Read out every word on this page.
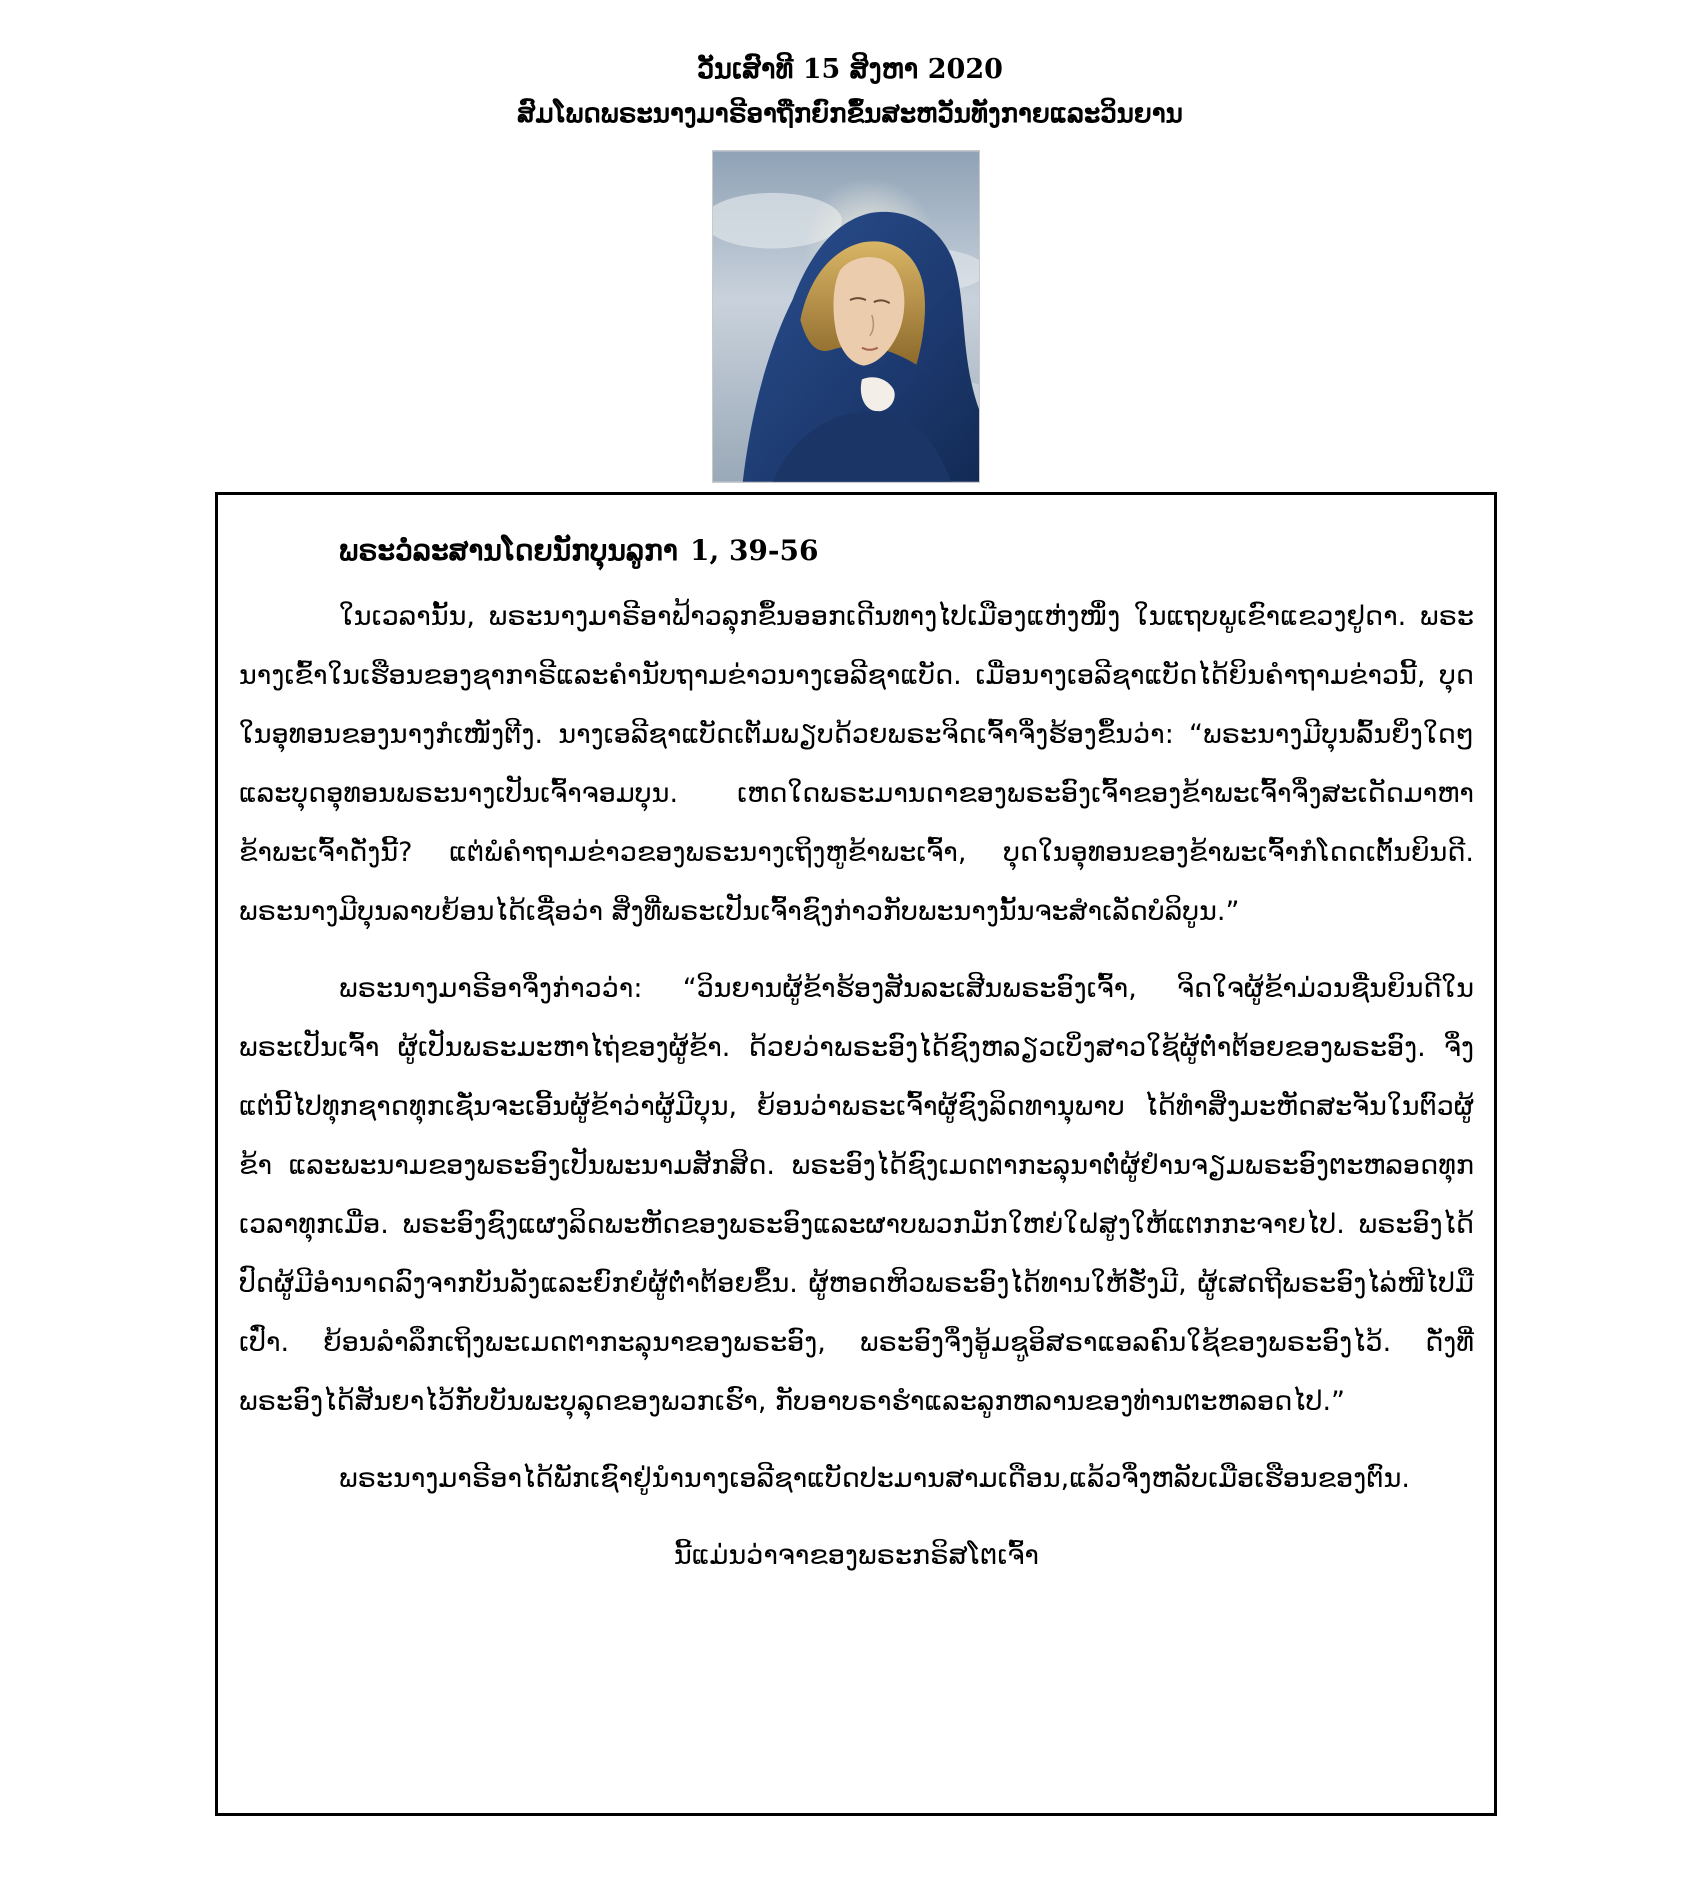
ວັນເສົາທີ 15 ສິງຫາ 2020
ສົມໂພດພຣະນາງມາຣີອາຖືກຍົກຂຶ້ນສະຫວັນທັງກາຍແລະວິນຍານ
ພຣະວໍລະສານໂດຍນັກບຸນລູກາ 1, 39-56

ໃນເວລານັ້ນ, ພຣະນາງມາຣີອາຟ້າວລຸກຂຶ້ນອອກເດີນທາງໄປເມືອງແຫ່ງໜຶ່ງ ໃນແຖບພູເຂົາແຂວງຢູດາ. ພຣະນາງເຂົ້າໃນເຮືອນຂອງຊາກາຣີແລະຄຳນັບຖາມຂ່າວນາງເອລີຊາແບັດ. ເມື່ອນາງເອລີຊາແບັດໄດ້ຍິນຄຳຖາມຂ່າວນີ້, ບຸດໃນອຸທອນຂອງນາງກໍເໜັງຕີງ. ນາງເອລີຊາແບັດເຕັມພຽບດ້ວຍພຣະຈິດເຈົ້າຈຶ່ງຮ້ອງຂຶ້ນວ່າ: “ພຣະນາງມີບຸນລົ້ນຍິ່ງໃດໆແລະບຸດອຸທອນພຣະນາງເປັນເຈົ້າຈອມບຸນ. ເຫດໃດພຣະມານດາຂອງພຣະອົງເຈົ້າຂອງຂ້າພະເຈົ້າຈຶ່ງສະເດັດມາຫາຂ້າພະເຈົ້າດັ່ງນີ້? ແຕ່ພໍຄຳຖາມຂ່າວຂອງພຣະນາງເຖິງຫູຂ້າພະເຈົ້າ, ບຸດໃນອຸທອນຂອງຂ້າພະເຈົ້າກໍໂດດເຕັ້ນຍິນດີ. ພຣະນາງມີບຸນລາບຍ້ອນໄດ້ເຊື່ອວ່າ ສິ່ງທີ່ພຣະເປັນເຈົ້າຊົງກ່າວກັບພະນາງນັ້ນຈະສຳເລັດບໍລິບູນ.”

ພຣະນາງມາຣີອາຈຶ່ງກ່າວວ່າ: “ວິນຍານຜູ້ຂ້າຮ້ອງສັນລະເສີນພຣະອົງເຈົ້າ, ຈິດໃຈຜູ້ຂ້າມ່ວນຊື່ນຍິນດີໃນພຣະເປັນເຈົ້າ ຜູ້ເປັນພຣະມະຫາໄຖ່ຂອງຜູ້ຂ້າ. ດ້ວຍວ່າພຣະອົງໄດ້ຊົງຫລຽວເບິ່ງສາວໃຊ້ຜູ້ຕໍ່າຕ້ອຍຂອງພຣະອົງ. ຈຶ່ງແຕ່ນີ້ໄປທຸກຊາດທຸກເຊັ່ນຈະເອີ້ນຜູ້ຂ້າວ່າຜູ້ມີບຸນ, ຍ້ອນວ່າພຣະເຈົ້າຜູ້ຊົງລິດທານຸພາບ ໄດ້ທຳສິ່ງມະຫັດສະຈັນໃນຕົວຜູ້ຂ້າ ແລະພະນາມຂອງພຣະອົງເປັນພະນາມສັກສິດ. ພຣະອົງໄດ້ຊົງເມດຕາກະລຸນາຕໍ່ຜູ້ຢຳນຈຽມພຣະອົງຕະຫລອດທຸກເວລາທຸກເມື່ອ. ພຣະອົງຊົງແຜງລິດພະຫັດຂອງພຣະອົງແລະຜາບພວກມັກໃຫຍ່ໃຝສູງໃຫ້ແຕກກະຈາຍໄປ. ພຣະອົງໄດ້ປົດຜູ້ມີອຳນາດລົງຈາກບັນລັງແລະຍົກຍໍຜູ້ຕໍ່າຕ້ອຍຂຶ້ນ. ຜູ້ຫອດຫິວພຣະອົງໄດ້ທານໃຫ້ຮັ່ງມີ, ຜູ້ເສດຖີພຣະອົງໄລ່ໜີໄປມືເປົ່າ. ຍ້ອນລຳລຶກເຖິງພະເມດຕາກະລຸນາຂອງພຣະອົງ, ພຣະອົງຈຶ່ງອູ້ມຊູອິສຣາແອລຄົນໃຊ້ຂອງພຣະອົງໄວ້. ດັ່ງທີ່ພຣະອົງໄດ້ສັນຍາໄວ້ກັບບັນພະບຸລຸດຂອງພວກເຮົາ, ກັບອາບຣາຮຳແລະລູກຫລານຂອງທ່ານຕະຫລອດໄປ.”

ພຣະນາງມາຣີອາໄດ້ພັກເຊົາຢູ່ນຳນາງເອລີຊາແບັດປະມານສາມເດືອນ,ແລ້ວຈຶ່ງຫລັບເມືອເຮືອນຂອງຕົນ.

ນີ້ແມ່ນວ່າຈາຂອງພຣະກຣິສໂຕເຈົ້າ
